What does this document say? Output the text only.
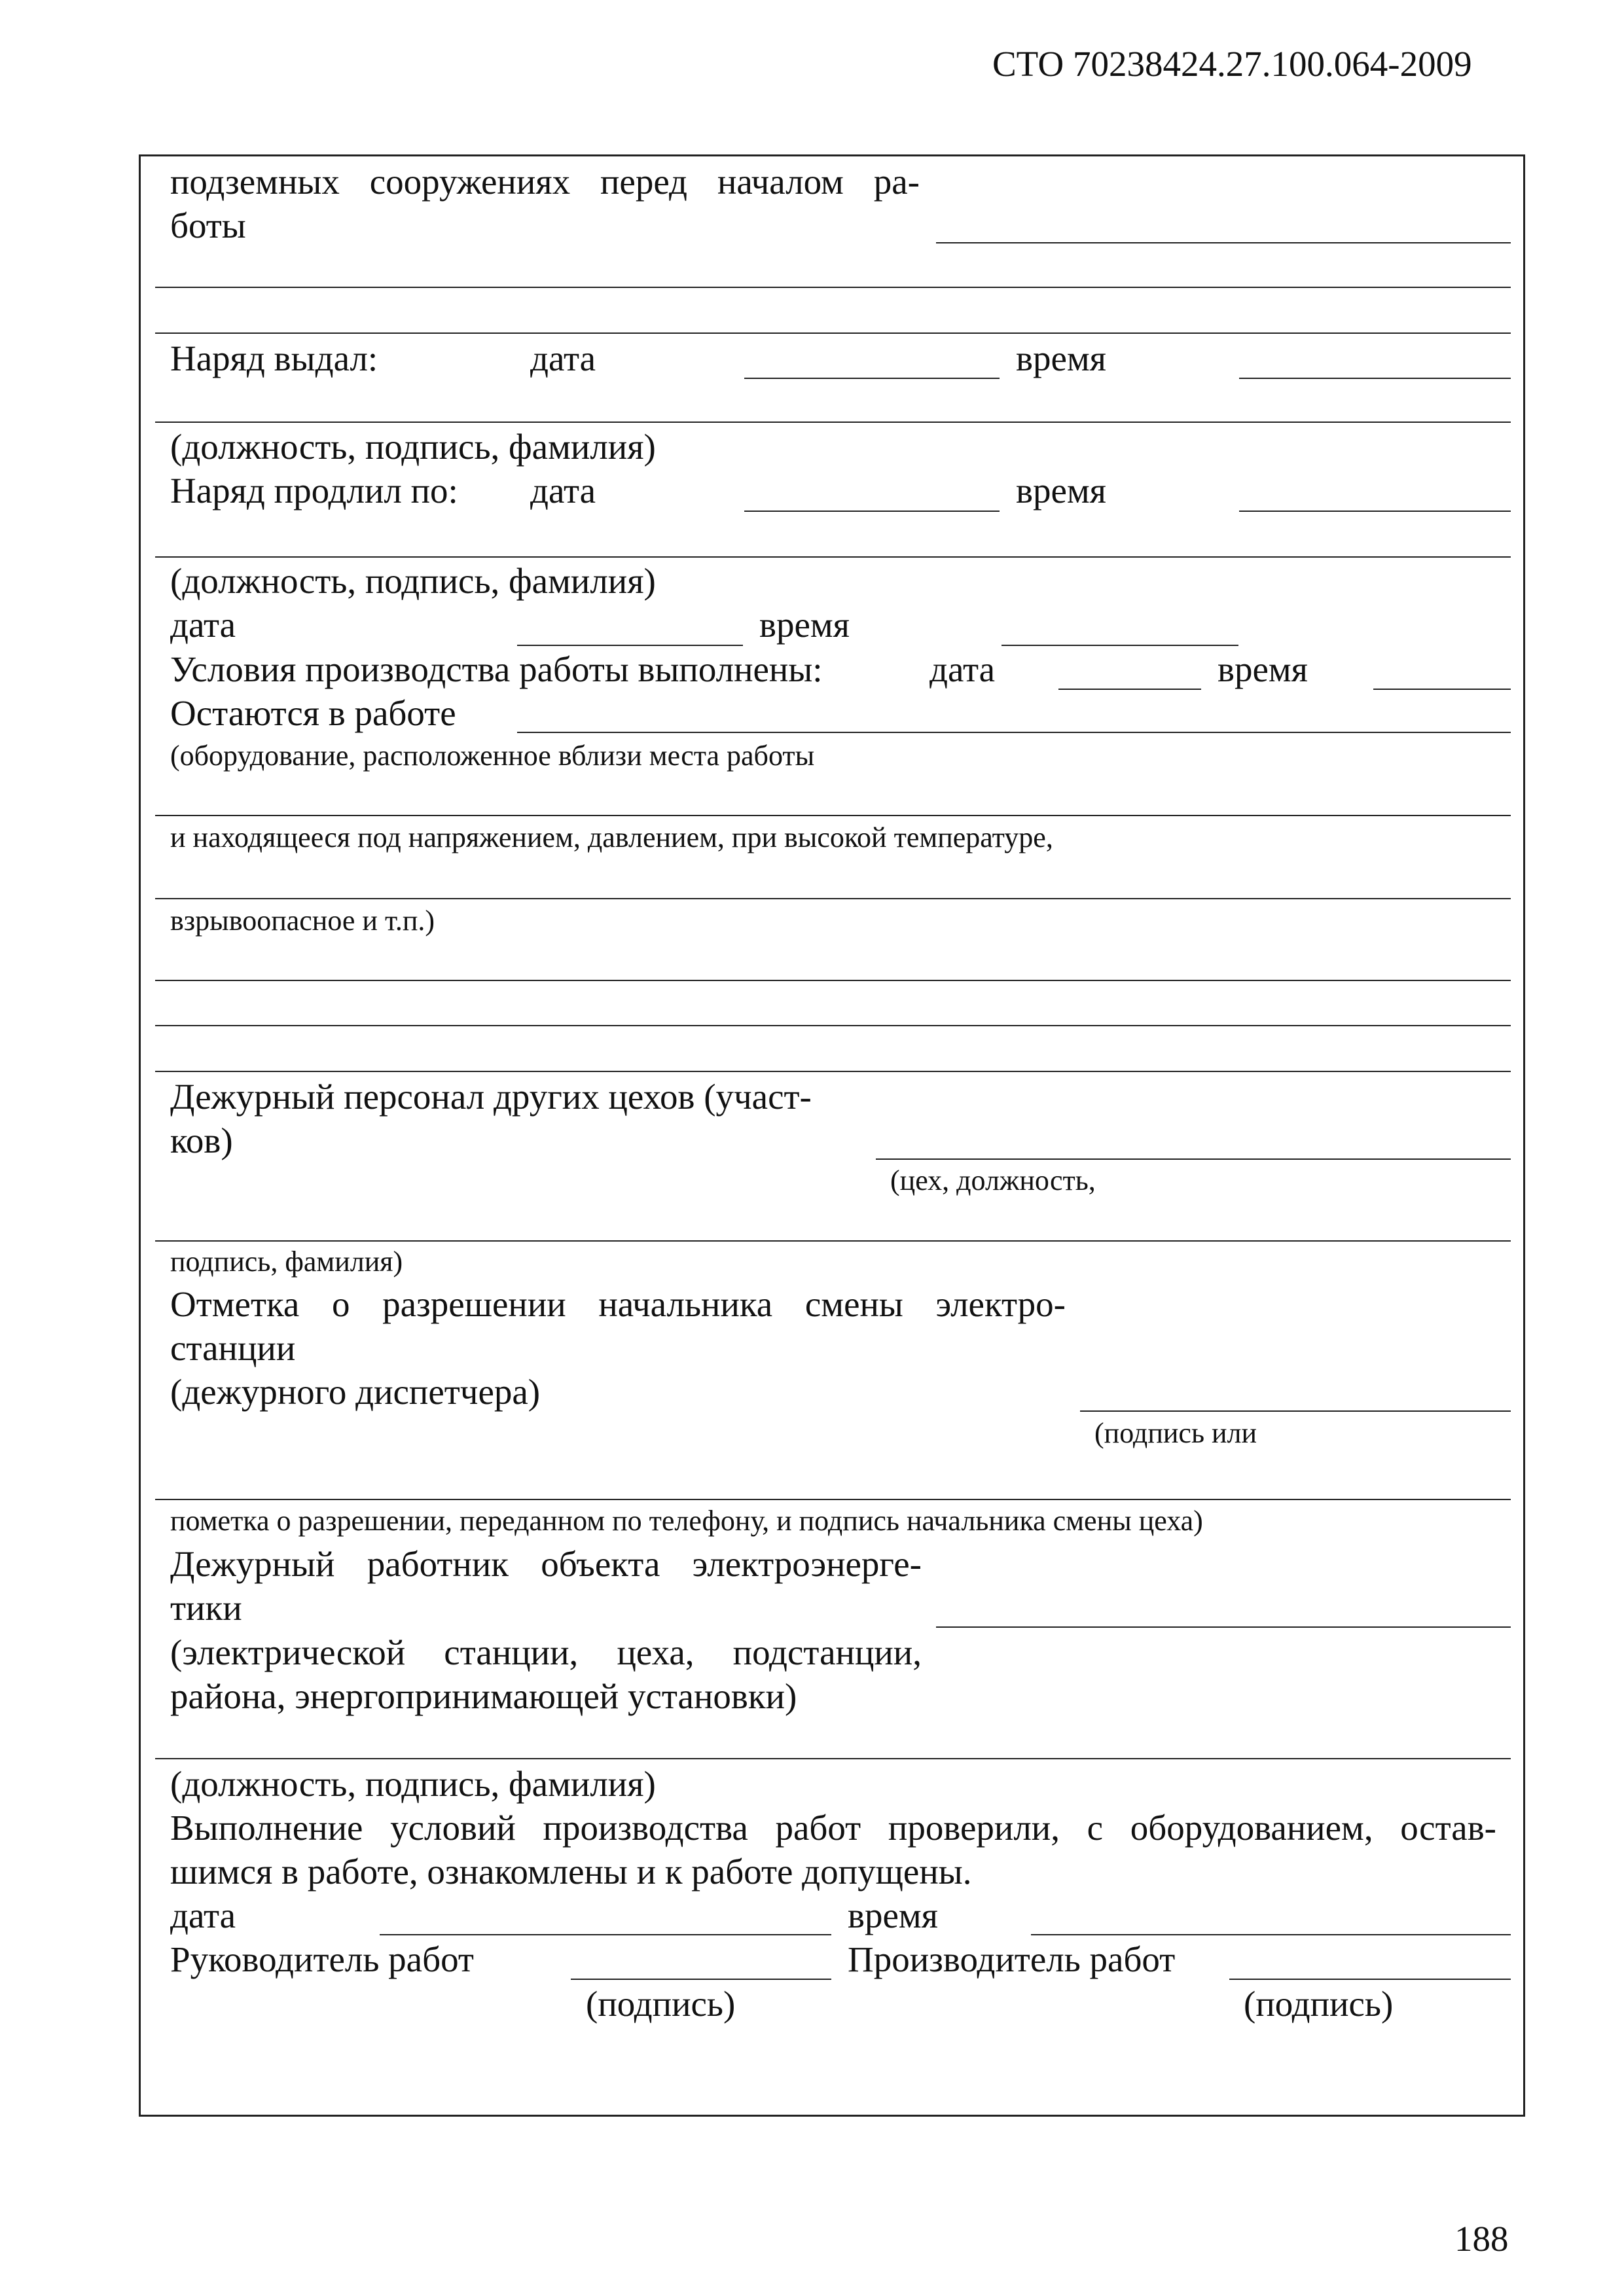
СТО 70238424.27.100.064-2009
подземных сооружениях перед началом ра-
боты
Наряд выдал:	дата	время
(должность, подпись, фамилия)
Наряд продлил по: дата	время
(должность, подпись, фамилия)
дата	время
Условия производства работы выполнены:	дата	время
Остаются в работе
(оборудование, расположенное вблизи места работы
и находящееся под напряжением, давлением, при высокой температуре,
взрывоопасное и т.п.)
Дежурный персонал других цехов (участ-
ков)
(цех, должность,
подпись, фамилия)
Отметка о разрешении начальника смены электро-
станции
(дежурного диспетчера)
(подпись или
пометка о разрешении, переданном по телефону, и подпись начальника смены цеха)
Дежурный работник объекта электроэнерге-
тики
(электрической станции, цеха, подстанции,
района, энергопринимающей установки)
(должность, подпись, фамилия)
Выполнение условий производства работ проверили, с оборудованием, остав-
шимся в работе, ознакомлены и к работе допущены.
дата	время
Руководитель работ	Производитель работ
(подпись)	(подпись)
188
